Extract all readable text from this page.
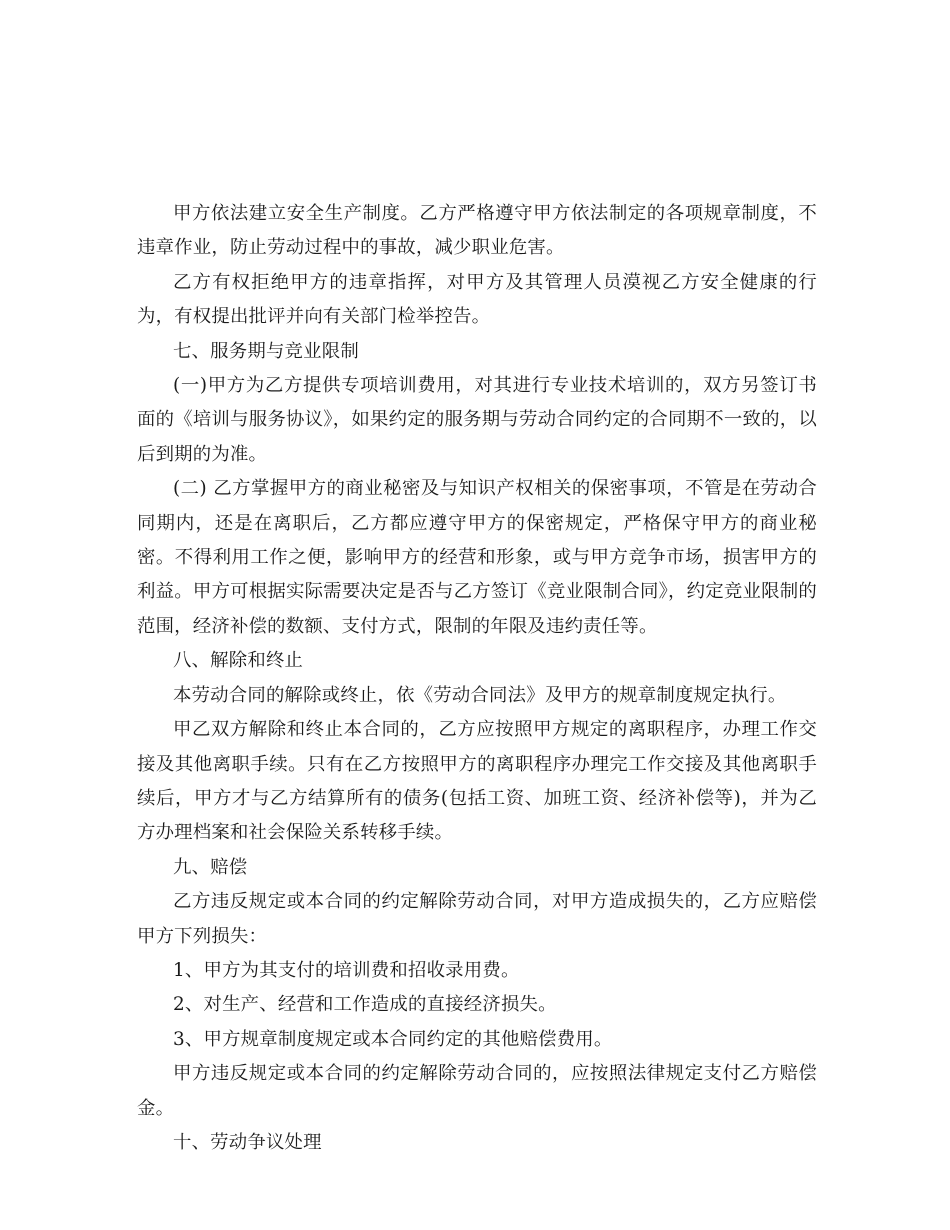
甲方依法建立安全生产制度。乙方严格遵守甲方依法制定的各项规章制度，不违章作业，防止劳动过程中的事故，减少职业危害。

乙方有权拒绝甲方的违章指挥，对甲方及其管理人员漠视乙方安全健康的行为，有权提出批评并向有关部门检举控告。

七、服务期与竞业限制

(一)甲方为乙方提供专项培训费用，对其进行专业技术培训的，双方另签订书面的《培训与服务协议》，如果约定的服务期与劳动合同约定的合同期不一致的，以后到期的为准。

(二) 乙方掌握甲方的商业秘密及与知识产权相关的保密事项，不管是在劳动合同期内，还是在离职后，乙方都应遵守甲方的保密规定，严格保守甲方的商业秘密。不得利用工作之便，影响甲方的经营和形象，或与甲方竞争市场，损害甲方的利益。甲方可根据实际需要决定是否与乙方签订《竞业限制合同》，约定竞业限制的范围，经济补偿的数额、支付方式，限制的年限及违约责任等。

八、解除和终止

本劳动合同的解除或终止，依《劳动合同法》及甲方的规章制度规定执行。

甲乙双方解除和终止本合同的，乙方应按照甲方规定的离职程序，办理工作交接及其他离职手续。只有在乙方按照甲方的离职程序办理完工作交接及其他离职手续后，甲方才与乙方结算所有的债务(包括工资、加班工资、经济补偿等)，并为乙方办理档案和社会保险关系转移手续。

九、赔偿

乙方违反规定或本合同的约定解除劳动合同，对甲方造成损失的，乙方应赔偿甲方下列损失：

1、甲方为其支付的培训费和招收录用费。

2、对生产、经营和工作造成的直接经济损失。

3、甲方规章制度规定或本合同约定的其他赔偿费用。

甲方违反规定或本合同的约定解除劳动合同的，应按照法律规定支付乙方赔偿金。

十、劳动争议处理
